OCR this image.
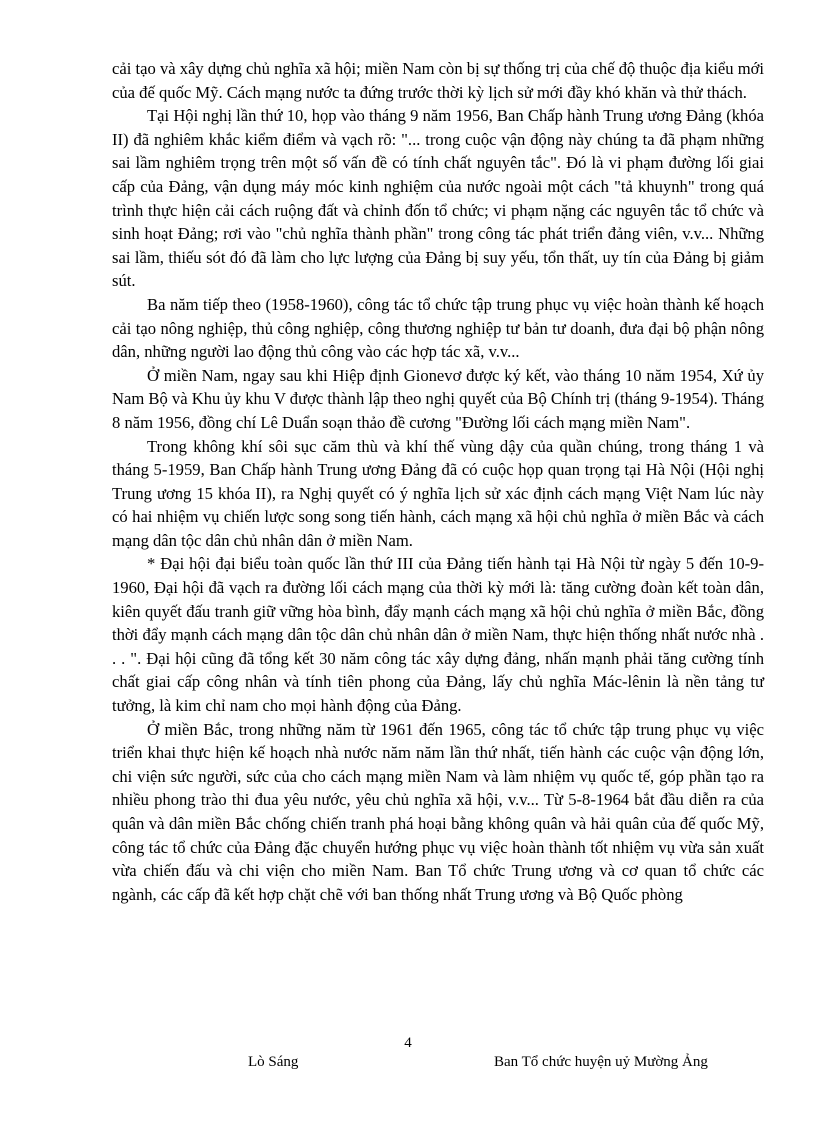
cải tạo và xây dựng chủ nghĩa xã hội; miền Nam còn bị sự thống trị của chế độ thuộc địa kiểu mới của đế quốc Mỹ. Cách mạng nước ta đứng trước thời kỳ lịch sử mới đầy khó khăn và thử thách.

Tại Hội nghị lần thứ 10, họp vào tháng 9 năm 1956, Ban Chấp hành Trung ương Đảng (khóa II) đã nghiêm khắc kiểm điểm và vạch rõ: "... trong cuộc vận động này chúng ta đã phạm những sai lầm nghiêm trọng trên một số vấn đề có tính chất nguyên tắc". Đó là vi phạm đường lối giai cấp của Đảng, vận dụng máy móc kinh nghiệm của nước ngoài một cách "tả khuynh" trong quá trình thực hiện cải cách ruộng đất và chỉnh đốn tổ chức; vi phạm nặng các nguyên tắc tổ chức và sinh hoạt Đảng; rơi vào "chủ nghĩa thành phần" trong công tác phát triển đảng viên, v.v... Những sai lầm, thiếu sót đó đã làm cho lực lượng của Đảng bị suy yếu, tổn thất, uy tín của Đảng bị giảm sút.

Ba năm tiếp theo (1958-1960), công tác tổ chức tập trung phục vụ việc hoàn thành kế hoạch cải tạo nông nghiệp, thủ công nghiệp, công thương nghiệp tư bản tư doanh, đưa đại bộ phận nông dân, những người lao động thủ công vào các hợp tác xã, v.v...

Ở miền Nam, ngay sau khi Hiệp định Gionevơ được ký kết, vào tháng 10 năm 1954, Xứ ủy Nam Bộ và Khu ủy khu V được thành lập theo nghị quyết của Bộ Chính trị (tháng 9-1954). Tháng 8 năm 1956, đồng chí Lê Duẩn soạn thảo đề cương "Đường lối cách mạng miền Nam".

Trong không khí sôi sục căm thù và khí thế vùng dậy của quần chúng, trong tháng 1 và tháng 5-1959, Ban Chấp hành Trung ương Đảng đã có cuộc họp quan trọng tại Hà Nội (Hội nghị Trung ương 15 khóa II), ra Nghị quyết có ý nghĩa lịch sử xác định cách mạng Việt Nam lúc này có hai nhiệm vụ chiến lược song song tiến hành, cách mạng xã hội chủ nghĩa ở miền Bắc và cách mạng dân tộc dân chủ nhân dân ở miền Nam.

* Đại hội đại biểu toàn quốc lần thứ III của Đảng tiến hành tại Hà Nội từ ngày 5 đến 10-9-1960, Đại hội đã vạch ra đường lối cách mạng của thời kỳ mới là: tăng cường đoàn kết toàn dân, kiên quyết đấu tranh giữ vững hòa bình, đẩy mạnh cách mạng xã hội chủ nghĩa ở miền Bắc, đồng thời đẩy mạnh cách mạng dân tộc dân chủ nhân dân ở miền Nam, thực hiện thống nhất nước nhà . . . ". Đại hội cũng đã tổng kết 30 năm công tác xây dựng đảng, nhấn mạnh phải tăng cường tính chất giai cấp công nhân và tính tiên phong của Đảng, lấy chủ nghĩa Mác-lênin là nền tảng tư tưởng, là kim chỉ nam cho mọi hành động của Đảng.

Ở miền Bắc, trong những năm từ 1961 đến 1965, công tác tổ chức tập trung phục vụ việc triển khai thực hiện kế hoạch nhà nước năm năm lần thứ nhất, tiến hành các cuộc vận động lớn, chi viện sức người, sức của cho cách mạng miền Nam và làm nhiệm vụ quốc tế, góp phần tạo ra nhiều phong trào thi đua yêu nước, yêu chủ nghĩa xã hội, v.v... Từ 5-8-1964 bắt đầu diễn ra của quân và dân miền Bắc chống chiến tranh phá hoại bằng không quân và hải quân của đế quốc Mỹ, công tác tổ chức của Đảng đặc chuyển hướng phục vụ việc hoàn thành tốt nhiệm vụ vừa sản xuất vừa chiến đấu và chi viện cho miền Nam. Ban Tổ chức Trung ương và cơ quan tổ chức các ngành, các cấp đã kết hợp chặt chẽ với ban thống nhất Trung ương và Bộ Quốc phòng

4
Lò Sáng	Ban Tổ chức huyện uỷ Mường Ảng
